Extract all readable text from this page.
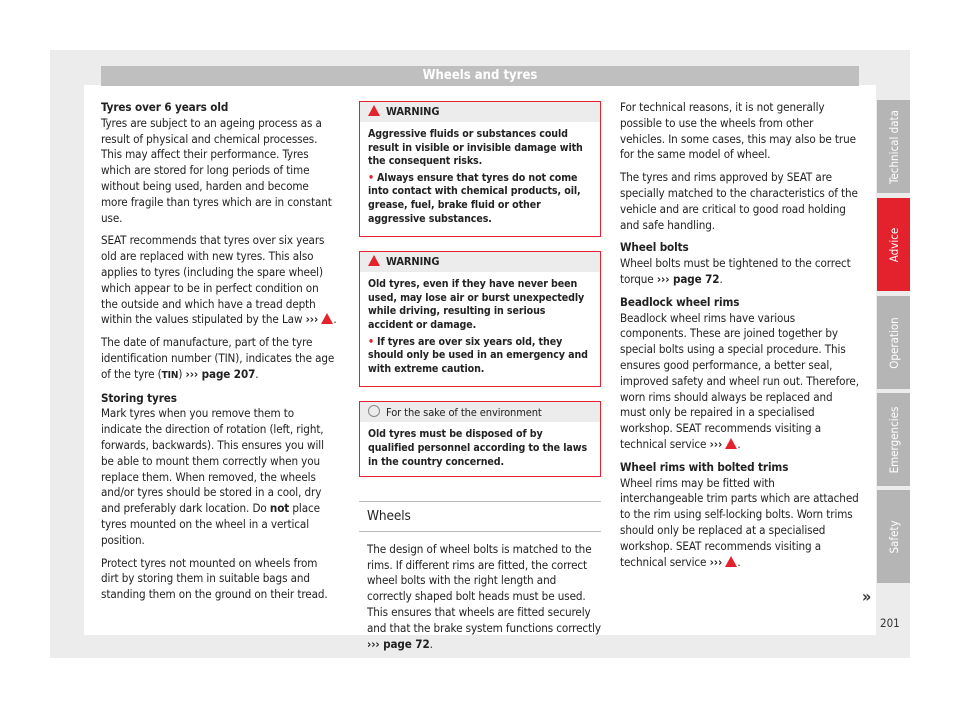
Wheels and tyres

Tyres over 6 years old

Tyres are subject to an ageing process as a result of physical and chemical processes. This may affect their performance. Tyres which are stored for long periods of time without being used, harden and become more fragile than tyres which are in constant use.

SEAT recommends that tyres over six years old are replaced with new tyres. This also applies to tyres (including the spare wheel) which appear to be in perfect condition on the outside and which have a tread depth within the values stipulated by the Law ››› .

The date of manufacture, part of the tyre identification number (TIN), indicates the age of the tyre (TIN) ››› page 207.

Storing tyres

Mark tyres when you remove them to indicate the direction of rotation (left, right, forwards, backwards). This ensures you will be able to mount them correctly when you replace them. When removed, the wheels and/or tyres should be stored in a cool, dry and preferably dark location. Do not place tyres mounted on the wheel in a vertical position.

Protect tyres not mounted on wheels from dirt by storing them in suitable bags and standing them on the ground on their tread.

WARNING

Aggressive fluids or substances could result in visible or invisible damage with the consequent risks.

• Always ensure that tyres do not come into contact with chemical products, oil, grease, fuel, brake fluid or other aggressive substances.

WARNING

Old tyres, even if they have never been used, may lose air or burst unexpectedly while driving, resulting in serious accident or damage.

• If tyres are over six years old, they should only be used in an emergency and with extreme caution.

For the sake of the environment
Old tyres must be disposed of by qualified personnel according to the laws in the country concerned.
Wheels

The design of wheel bolts is matched to the rims. If different rims are fitted, the correct wheel bolts with the right length and correctly shaped bolt heads must be used. This ensures that wheels are fitted securely and that the brake system functions correctly ››› page 72.

For technical reasons, it is not generally possible to use the wheels from other vehicles. In some cases, this may also be true for the same model of wheel.

The tyres and rims approved by SEAT are specially matched to the characteristics of the vehicle and are critical to good road holding and safe handling.

Wheel bolts

Wheel bolts must be tightened to the correct torque ››› page 72.

Beadlock wheel rims

Beadlock wheel rims have various components. These are joined together by special bolts using a special procedure. This ensures good performance, a better seal, improved safety and wheel run out. Therefore, worn rims should always be replaced and must only be repaired in a specialised workshop. SEAT recommends visiting a technical service ››› .

Wheel rims with bolted trims

Wheel rims may be fitted with interchangeable trim parts which are attached to the rim using self-locking bolts. Worn trims should only be replaced at a specialised workshop. SEAT recommends visiting a technical service ››› .

»
Technical data
Advice
Operation
Emergencies
Safety
201
